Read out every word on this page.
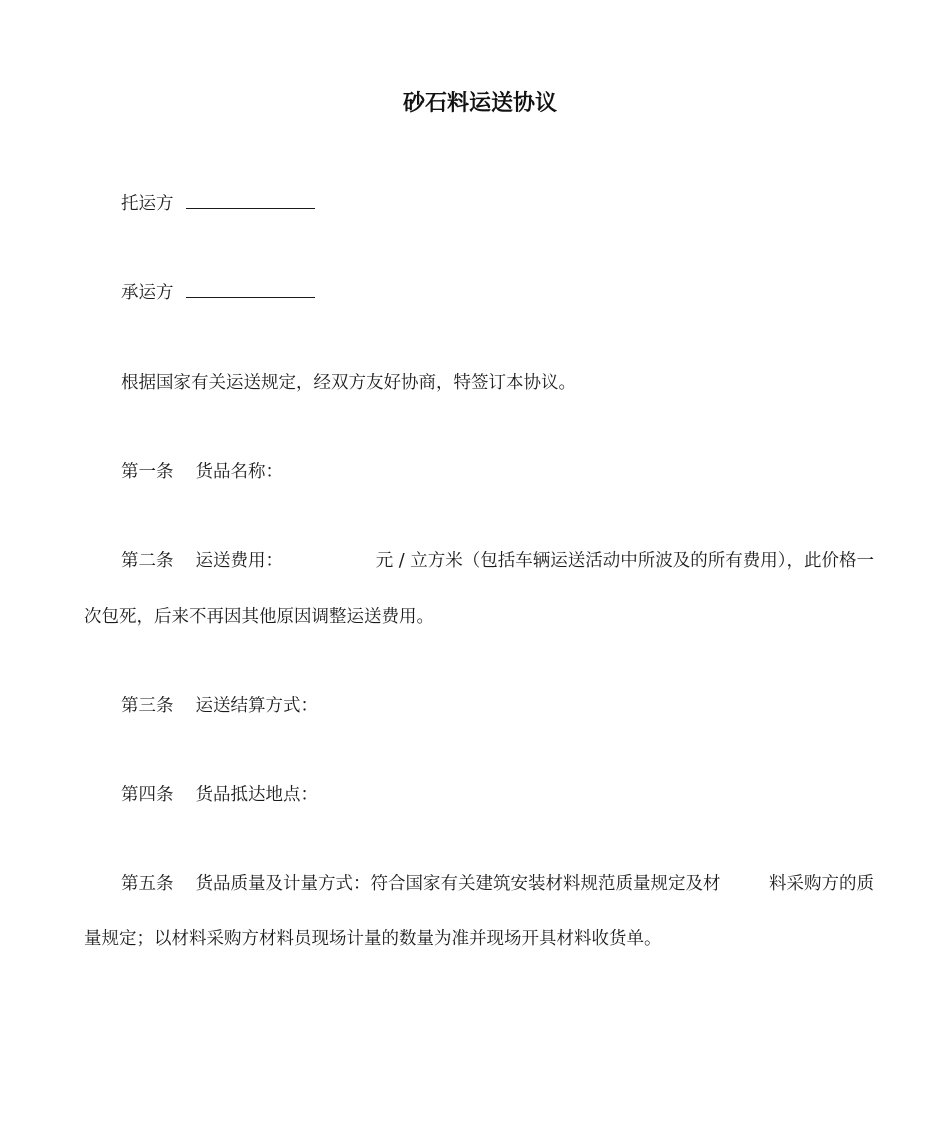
砂石料运送协议
托运方
承运方
根据国家有关运送规定，经双方友好协商，特签订本协议。
第一条 货品名称：
第二条 运送费用：	元 / 立方米（包括车辆运送活动中所波及的所有费用），此价格一
次包死，后来不再因其他原因调整运送费用。
第三条 运送结算方式：
第四条 货品抵达地点：
第五条 货品质量及计量方式：符合国家有关建筑安装材料规范质量规定及材	料采购方的质
量规定；以材料采购方材料员现场计量的数量为准并现场开具材料收货单。
